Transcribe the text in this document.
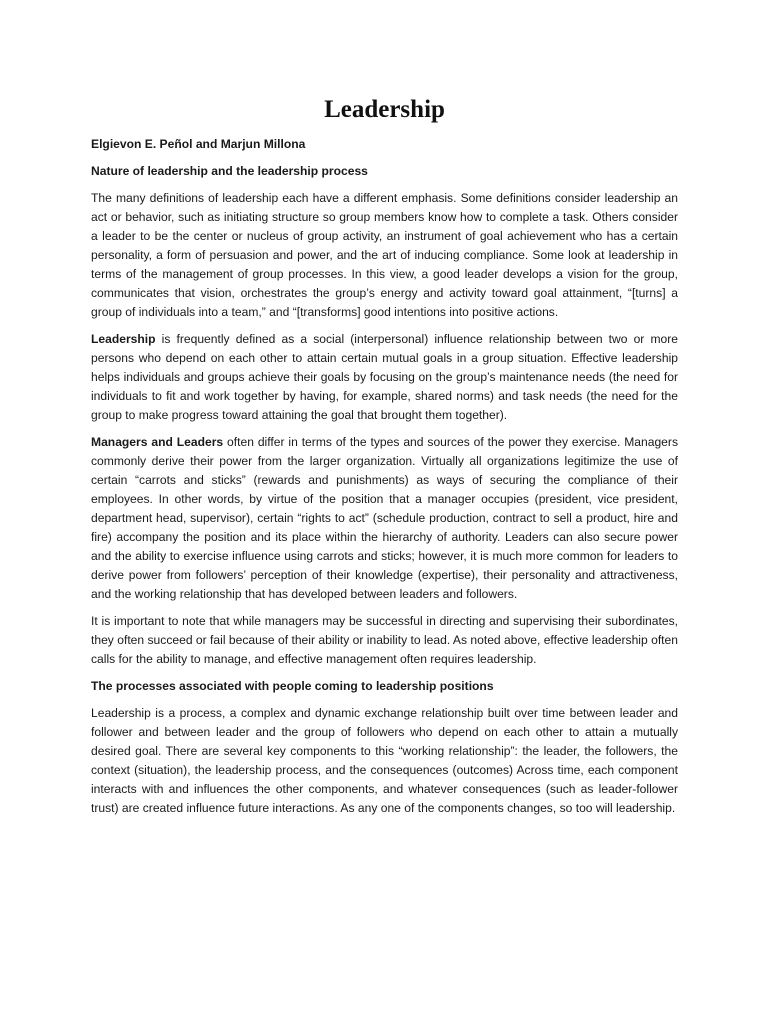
Leadership

Elgievon E. Peñol and Marjun Millona

Nature of leadership and the leadership process

The many definitions of leadership each have a different emphasis. Some definitions consider leadership an act or behavior, such as initiating structure so group members know how to complete a task. Others consider a leader to be the center or nucleus of group activity, an instrument of goal achievement who has a certain personality, a form of persuasion and power, and the art of inducing compliance. Some look at leadership in terms of the management of group processes. In this view, a good leader develops a vision for the group, communicates that vision, orchestrates the group’s energy and activity toward goal attainment, “[turns] a group of individuals into a team,” and “[transforms] good intentions into positive actions.

Leadership is frequently defined as a social (interpersonal) influence relationship between two or more persons who depend on each other to attain certain mutual goals in a group situation. Effective leadership helps individuals and groups achieve their goals by focusing on the group’s maintenance needs (the need for individuals to fit and work together by having, for example, shared norms) and task needs (the need for the group to make progress toward attaining the goal that brought them together).

Managers and Leaders often differ in terms of the types and sources of the power they exercise. Managers commonly derive their power from the larger organization. Virtually all organizations legitimize the use of certain “carrots and sticks” (rewards and punishments) as ways of securing the compliance of their employees. In other words, by virtue of the position that a manager occupies (president, vice president, department head, supervisor), certain “rights to act” (schedule production, contract to sell a product, hire and fire) accompany the position and its place within the hierarchy of authority. Leaders can also secure power and the ability to exercise influence using carrots and sticks; however, it is much more common for leaders to derive power from followers’ perception of their knowledge (expertise), their personality and attractiveness, and the working relationship that has developed between leaders and followers.

It is important to note that while managers may be successful in directing and supervising their subordinates, they often succeed or fail because of their ability or inability to lead. As noted above, effective leadership often calls for the ability to manage, and effective management often requires leadership.

The processes associated with people coming to leadership positions

Leadership is a process, a complex and dynamic exchange relationship built over time between leader and follower and between leader and the group of followers who depend on each other to attain a mutually desired goal. There are several key components to this “working relationship”: the leader, the followers, the context (situation), the leadership process, and the consequences (outcomes) Across time, each component interacts with and influences the other components, and whatever consequences (such as leader-follower trust) are created influence future interactions. As any one of the components changes, so too will leadership.
